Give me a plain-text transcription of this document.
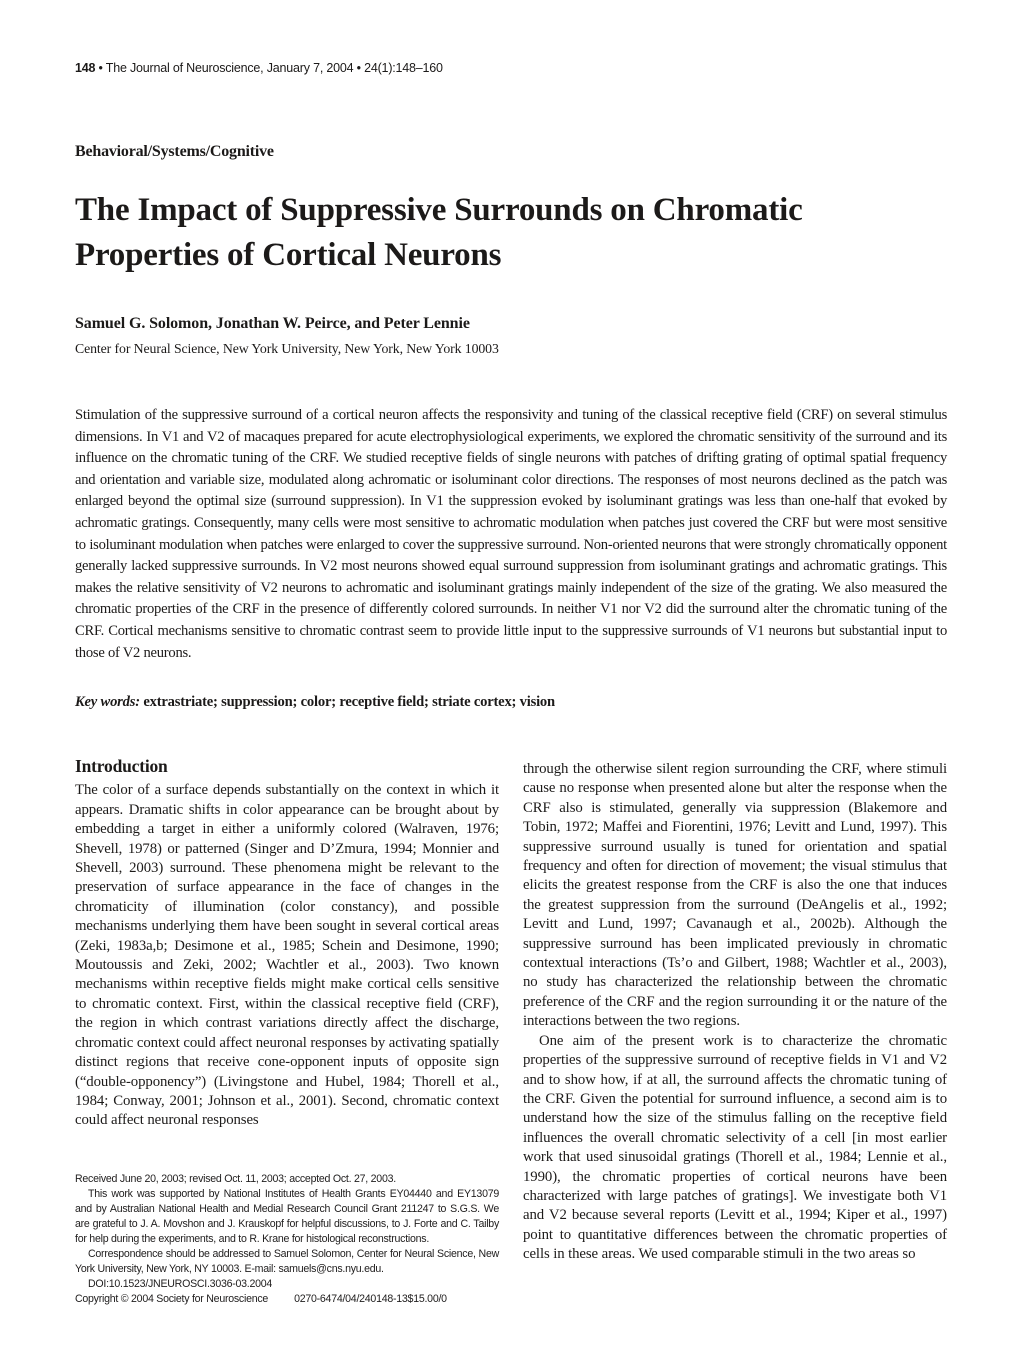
148 • The Journal of Neuroscience, January 7, 2004 • 24(1):148–160
Behavioral/Systems/Cognitive
The Impact of Suppressive Surrounds on Chromatic Properties of Cortical Neurons
Samuel G. Solomon, Jonathan W. Peirce, and Peter Lennie
Center for Neural Science, New York University, New York, New York 10003
Stimulation of the suppressive surround of a cortical neuron affects the responsivity and tuning of the classical receptive field (CRF) on several stimulus dimensions. In V1 and V2 of macaques prepared for acute electrophysiological experiments, we explored the chromatic sensitivity of the surround and its influence on the chromatic tuning of the CRF. We studied receptive fields of single neurons with patches of drifting grating of optimal spatial frequency and orientation and variable size, modulated along achromatic or isoluminant color directions. The responses of most neurons declined as the patch was enlarged beyond the optimal size (surround suppression). In V1 the suppression evoked by isoluminant gratings was less than one-half that evoked by achromatic gratings. Consequently, many cells were most sensitive to achromatic modulation when patches just covered the CRF but were most sensitive to isoluminant modulation when patches were enlarged to cover the suppressive surround. Non-oriented neurons that were strongly chromatically opponent generally lacked suppressive surrounds. In V2 most neurons showed equal surround suppression from isoluminant gratings and achromatic gratings. This makes the relative sensitivity of V2 neurons to achromatic and isoluminant gratings mainly independent of the size of the grating. We also measured the chromatic properties of the CRF in the presence of differently colored surrounds. In neither V1 nor V2 did the surround alter the chromatic tuning of the CRF. Cortical mechanisms sensitive to chromatic contrast seem to provide little input to the suppressive surrounds of V1 neurons but substantial input to those of V2 neurons.
Key words: extrastriate; suppression; color; receptive field; striate cortex; vision
Introduction

The color of a surface depends substantially on the context in which it appears. Dramatic shifts in color appearance can be brought about by embedding a target in either a uniformly colored (Walraven, 1976; Shevell, 1978) or patterned (Singer and D’Zmura, 1994; Monnier and Shevell, 2003) surround. These phenomena might be relevant to the preservation of surface appearance in the face of changes in the chromaticity of illumination (color constancy), and possible mechanisms underlying them have been sought in several cortical areas (Zeki, 1983a,b; Desimone et al., 1985; Schein and Desimone, 1990; Moutoussis and Zeki, 2002; Wachtler et al., 2003). Two known mechanisms within receptive fields might make cortical cells sensitive to chromatic context. First, within the classical receptive field (CRF), the region in which contrast variations directly affect the discharge, chromatic context could affect neuronal responses by activating spatially distinct regions that receive cone-opponent inputs of opposite sign (“double-opponency”) (Livingstone and Hubel, 1984; Thorell et al., 1984; Conway, 2001; Johnson et al., 2001). Second, chromatic context could affect neuronal responses

through the otherwise silent region surrounding the CRF, where stimuli cause no response when presented alone but alter the response when the CRF also is stimulated, generally via suppression (Blakemore and Tobin, 1972; Maffei and Fiorentini, 1976; Levitt and Lund, 1997). This suppressive surround usually is tuned for orientation and spatial frequency and often for direction of movement; the visual stimulus that elicits the greatest response from the CRF is also the one that induces the greatest suppression from the surround (DeAngelis et al., 1992; Levitt and Lund, 1997; Cavanaugh et al., 2002b). Although the suppressive surround has been implicated previously in chromatic contextual interactions (Ts’o and Gilbert, 1988; Wachtler et al., 2003), no study has characterized the relationship between the chromatic preference of the CRF and the region surrounding it or the nature of the interactions between the two regions.

One aim of the present work is to characterize the chromatic properties of the suppressive surround of receptive fields in V1 and V2 and to show how, if at all, the surround affects the chromatic tuning of the CRF. Given the potential for surround influence, a second aim is to understand how the size of the stimulus falling on the receptive field influences the overall chromatic selectivity of a cell [in most earlier work that used sinusoidal gratings (Thorell et al., 1984; Lennie et al., 1990), the chromatic properties of cortical neurons have been characterized with large patches of gratings]. We investigate both V1 and V2 because several reports (Levitt et al., 1994; Kiper et al., 1997) point to quantitative differences between the chromatic properties of cells in these areas. We used comparable stimuli in the two areas so

Received June 20, 2003; revised Oct. 11, 2003; accepted Oct. 27, 2003.

This work was supported by National Institutes of Health Grants EY04440 and EY13079 and by Australian National Health and Medial Research Council Grant 211247 to S.G.S. We are grateful to J. A. Movshon and J. Krauskopf for helpful discussions, to J. Forte and C. Tailby for help during the experiments, and to R. Krane for histological reconstructions.

Correspondence should be addressed to Samuel Solomon, Center for Neural Science, New York University, New York, NY 10003. E-mail: samuels@cns.nyu.edu.

DOI:10.1523/JNEUROSCI.3036-03.2004

Copyright © 2004 Society for Neuroscience 0270-6474/04/240148-13$15.00/0
